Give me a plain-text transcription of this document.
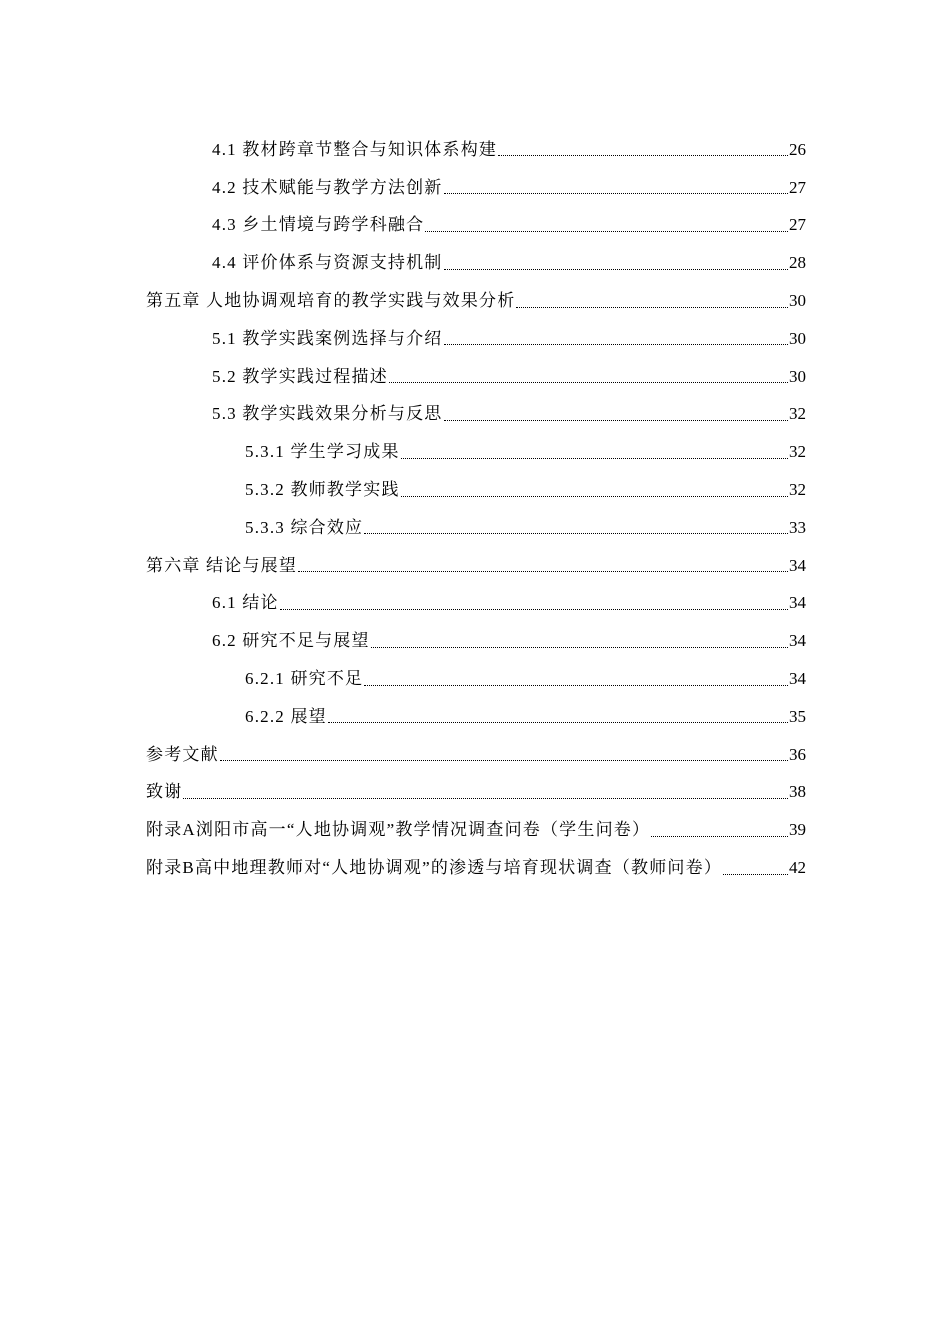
4.1 教材跨章节整合与知识体系构建	26
4.2 技术赋能与教学方法创新	27
4.3 乡土情境与跨学科融合	27
4.4 评价体系与资源支持机制	28
第五章 人地协调观培育的教学实践与效果分析	30
5.1 教学实践案例选择与介绍	30
5.2 教学实践过程描述	30
5.3 教学实践效果分析与反思	32
5.3.1 学生学习成果	32
5.3.2 教师教学实践	32
5.3.3 综合效应	33
第六章 结论与展望	34
6.1 结论	34
6.2 研究不足与展望	34
6.2.1 研究不足	34
6.2.2 展望	35
参考文献	36
致谢	38
附录A浏阳市高一“人地协调观”教学情况调查问卷（学生问卷）	39
附录B高中地理教师对“人地协调观”的渗透与培育现状调查（教师问卷）	42
